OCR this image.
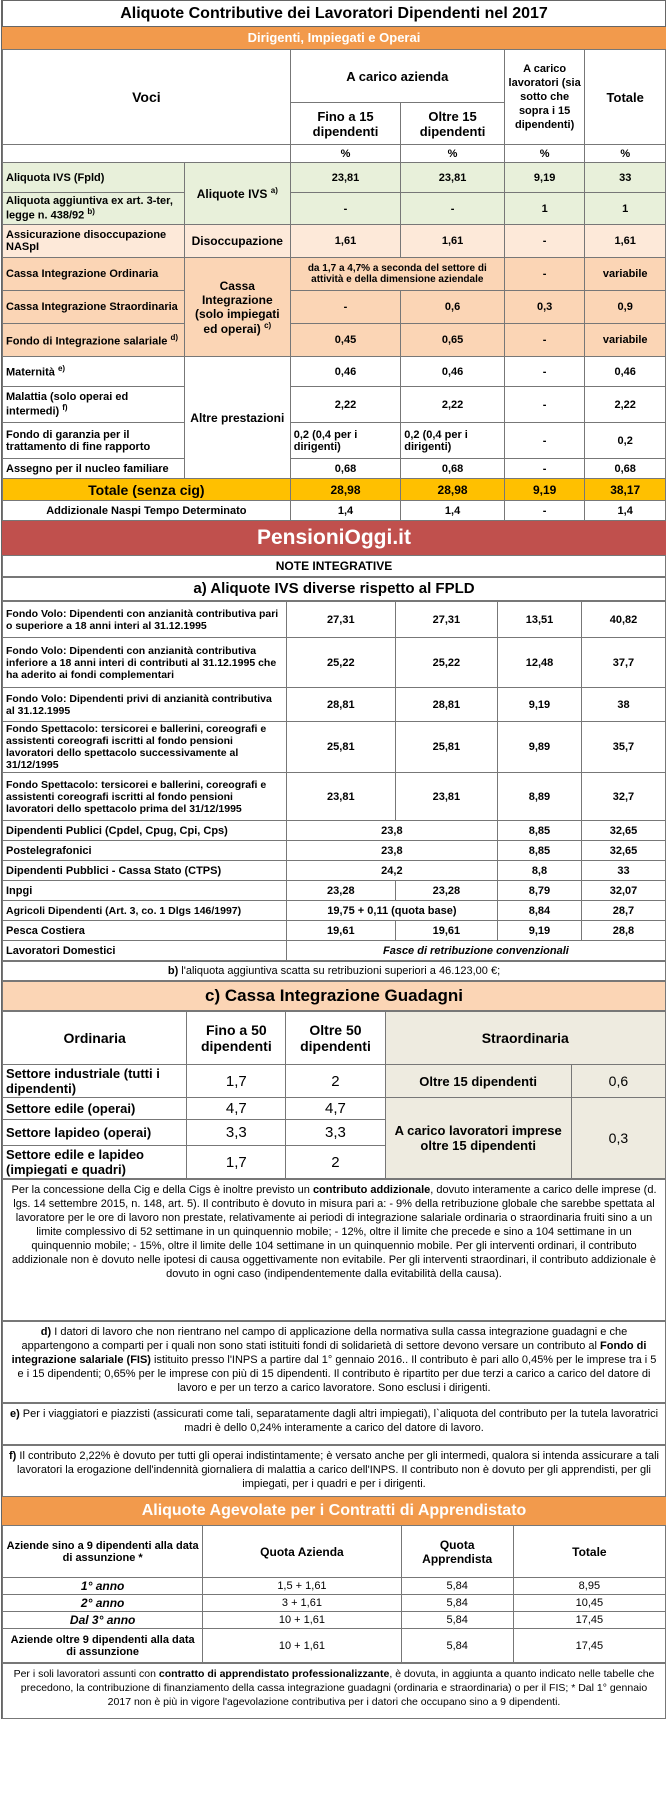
Aliquote Contributive dei Lavoratori Dipendenti nel 2017
Dirigenti, Impiegati e Operai
Voci		A carico azienda		A carico lavoratori (sia sotto che sopra i 15 dipendenti)	Totale
		Fino a 15 dipendenti	Oltre 15 dipendenti		
		%	%	%	%
Aliquota IVS (Fpld)	Aliquote IVS $^{a)}$	23,81	23,81	9,19	33
Aliquota aggiuntiva ex art. 3-ter, legge n. 438/92 $^{b)}$		-	-	1	1
Assicurazione disoccupazione NASpI	Disoccupazione	1,61	1,61	-	1,61
Cassa Integrazione Ordinaria	Cassa Integrazione (solo impiegati ed operai) $^{c)}$	da 1,7 a 4,7% a seconda del settore di attività e della dimensione aziendale		-	variabile
Cassa Integrazione Straordinaria		-	0,6	0,3	0,9
Fondo di Integrazione salariale $^{d)}$		0,45	0,65	-	variabile
Maternità $^{e)}$	Altre prestazioni	0,46	0,46	-	0,46
Malattia (solo operai ed intermedi) $^{f)}$		2,22	2,22	-	2,22
Fondo di garanzia per il trattamento di fine rapporto		0,2 (0,4 per i dirigenti)	0,2 (0,4 per i dirigenti)	-	0,2
Assegno per il nucleo familiare		0,68	0,68	-	0,68
Totale (senza cig)		28,98	28,98	9,19	38,17
Addizionale Naspi Tempo Determinato		1,4	1,4	-	1,4
PensioniOggi.it
NOTE INTEGRATIVE
a) Aliquote IVS diverse rispetto al FPLD
Fondo Volo: Dipendenti con anzianità contributiva pari o superiore a 18 anni interi al 31.12.1995	27,31	27,31	13,51	40,82
Fondo Volo: Dipendenti con anzianità contributiva inferiore a 18 anni interi di contributi al 31.12.1995 che ha aderito ai fondi complementari	25,22	25,22	12,48	37,7
Fondo Volo: Dipendenti privi di anzianità contributiva al 31.12.1995	28,81	28,81	9,19	38
Fondo Spettacolo: tersicorei e ballerini, coreografi e assistenti coreografi iscritti al fondo pensioni lavoratori dello spettacolo successivamente al 31/12/1995	25,81	25,81	9,89	35,7
Fondo Spettacolo: tersicorei e ballerini, coreografi e assistenti coreografi iscritti al fondo pensioni lavoratori dello spettacolo prima del 31/12/1995	23,81	23,81	8,89	32,7
Dipendenti Publici (Cpdel, Cpug, Cpi, Cps)	23,8		8,85	32,65
Postelegrafonici	23,8		8,85	32,65
Dipendenti Pubblici - Cassa Stato (CTPS)	24,2		8,8	33
Inpgi	23,28	23,28	8,79	32,07
Agricoli Dipendenti (Art. 3, co. 1 Dlgs 146/1997)	19,75 + 0,11 (quota base)		8,84	28,7
Pesca Costiera	19,61	19,61	9,19	28,8
Lavoratori Domestici	Fasce di retribuzione convenzionali			
b) l'aliquota aggiuntiva scatta su retribuzioni superiori a 46.123,00 €;
c) Cassa Integrazione Guadagni
Ordinaria	Fino a 50 dipendenti	Oltre 50 dipendenti	Straordinaria	
Settore industriale (tutti i dipendenti)	1,7	2	Oltre 15 dipendenti	0,6
Settore edile (operai)	4,7	4,7	A carico lavoratori imprese oltre 15 dipendenti	0,3
Settore lapideo (operai)	3,3	3,3		
Settore edile e lapideo (impiegati e quadri)	1,7	2		
Per la concessione della Cig e della Cigs è inoltre previsto un contributo addizionale, dovuto interamente a carico delle imprese (d. lgs. 14 settembre 2015, n. 148, art. 5). Il contributo è dovuto in misura pari a: - 9% della retribuzione globale che sarebbe spettata al lavoratore per le ore di lavoro non prestate, relativamente ai periodi di integrazione salariale ordinaria o straordinaria fruiti sino a un limite complessivo di 52 settimane in un quinquennio mobile; - 12%, oltre il limite che precede e sino a 104 settimane in un quinquennio mobile; - 15%, oltre il limite delle 104 settimane in un quinquennio mobile. Per gli interventi ordinari, il contributo addizionale non è dovuto nelle ipotesi di causa oggettivamente non evitabile. Per gli interventi straordinari, il contributo addizionale è dovuto in ogni caso (indipendentemente dalla evitabilità della causa).
d) I datori di lavoro che non rientrano nel campo di applicazione della normativa sulla cassa integrazione guadagni e che appartengono a comparti per i quali non sono stati istituiti fondi di solidarietà di settore devono versare un contributo al Fondo di integrazione salariale (FIS) istituito presso l'INPS a partire dal 1° gennaio 2016.. Il contributo è pari allo 0,45% per le imprese tra i 5 e i 15 dipendenti; 0,65% per le imprese con più di 15 dipendenti. Il contributo è ripartito per due terzi a carico a carico del datore di lavoro e per un terzo a carico lavoratore. Sono esclusi i dirigenti.
e) Per i viaggiatori e piazzisti (assicurati come tali, separatamente dagli altri impiegati), l`aliquota del contributo per la tutela lavoratrici madri è dello 0,24% interamente a carico del datore di lavoro.
f) Il contributo 2,22% è dovuto per tutti gli operai indistintamente; è versato anche per gli intermedi, qualora si intenda assicurare a tali lavoratori la erogazione dell'indennità giornaliera di malattia a carico dell'INPS. Il contributo non è dovuto per gli apprendisti, per gli impiegati, per i quadri e per i dirigenti.
Aliquote Agevolate per i Contratti di Apprendistato
Aziende sino a 9 dipendenti alla data di assunzione *	Quota Azienda	Quota Apprendista	Totale
1° anno	1,5 + 1,61	5,84	8,95
2° anno	3 + 1,61	5,84	10,45
Dal 3° anno	10 + 1,61	5,84	17,45
Aziende oltre 9 dipendenti alla data di assunzione	10 + 1,61	5,84	17,45
Per i soli lavoratori assunti con contratto di apprendistato professionalizzante, è dovuta, in aggiunta a quanto indicato nelle tabelle che precedono, la contribuzione di finanziamento della cassa integrazione guadagni (ordinaria e straordinaria) o per il FIS; * Dal 1° gennaio 2017 non è più in vigore l'agevolazione contributiva per i datori che occupano sino a 9 dipendenti.
